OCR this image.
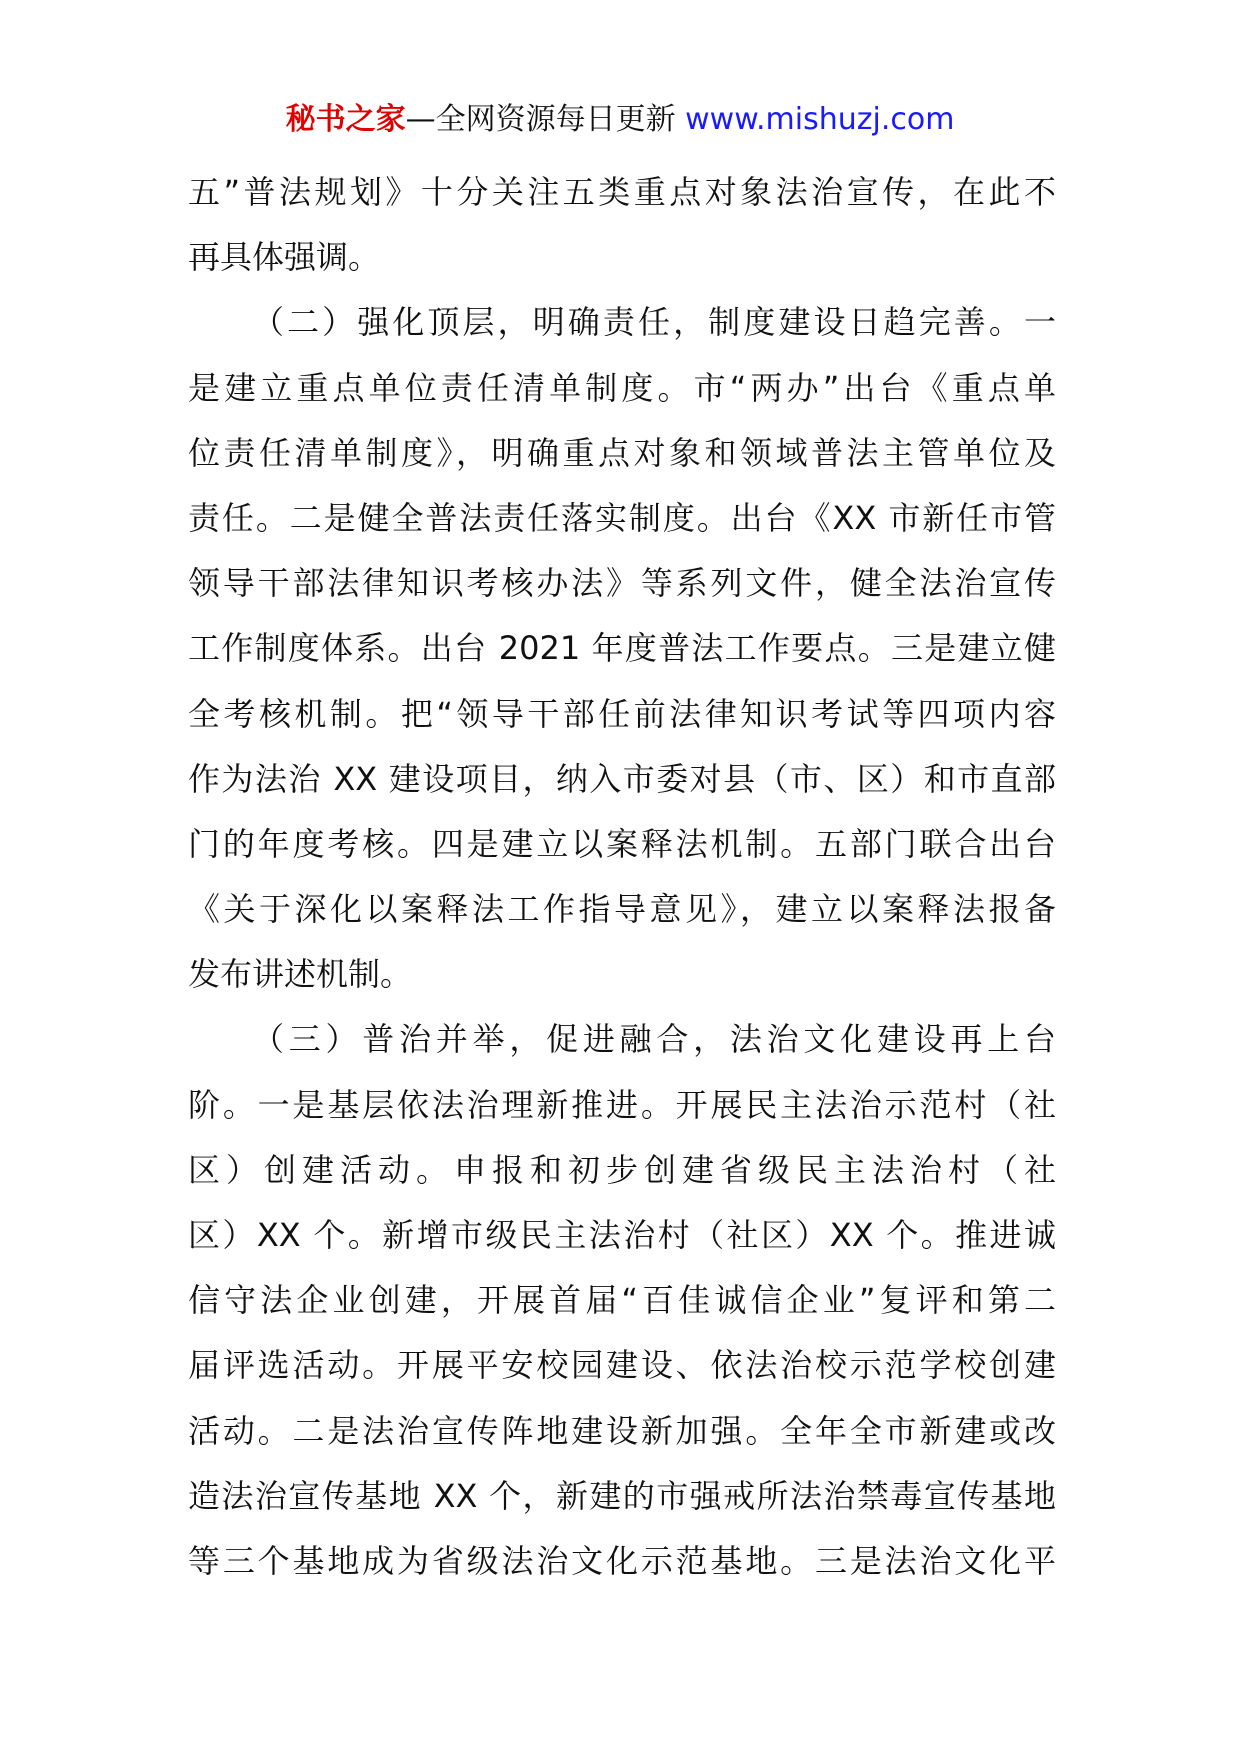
秘书之家—全网资源每日更新 www.mishuzj.com
五”普法规划》十分关注五类重点对象法治宣传，在此不
再具体强调。
（二）强化顶层，明确责任，制度建设日趋完善。一
是建立重点单位责任清单制度。市“两办”出台《重点单
位责任清单制度》，明确重点对象和领域普法主管单位及
责任。二是健全普法责任落实制度。出台《XX 市新任市管
领导干部法律知识考核办法》等系列文件，健全法治宣传
工作制度体系。出台 2021 年度普法工作要点。三是建立健
全考核机制。把“领导干部任前法律知识考试等四项内容
作为法治 XX 建设项目，纳入市委对县（市、区）和市直部
门的年度考核。四是建立以案释法机制。五部门联合出台
《关于深化以案释法工作指导意见》，建立以案释法报备
发布讲述机制。
（三）普治并举，促进融合，法治文化建设再上台
阶。一是基层依法治理新推进。开展民主法治示范村（社
区）创建活动。申报和初步创建省级民主法治村（社
区）XX 个。新增市级民主法治村（社区）XX 个。推进诚
信守法企业创建，开展首届“百佳诚信企业”复评和第二
届评选活动。开展平安校园建设、依法治校示范学校创建
活动。二是法治宣传阵地建设新加强。全年全市新建或改
造法治宣传基地 XX 个，新建的市强戒所法治禁毒宣传基地
等三个基地成为省级法治文化示范基地。三是法治文化平
